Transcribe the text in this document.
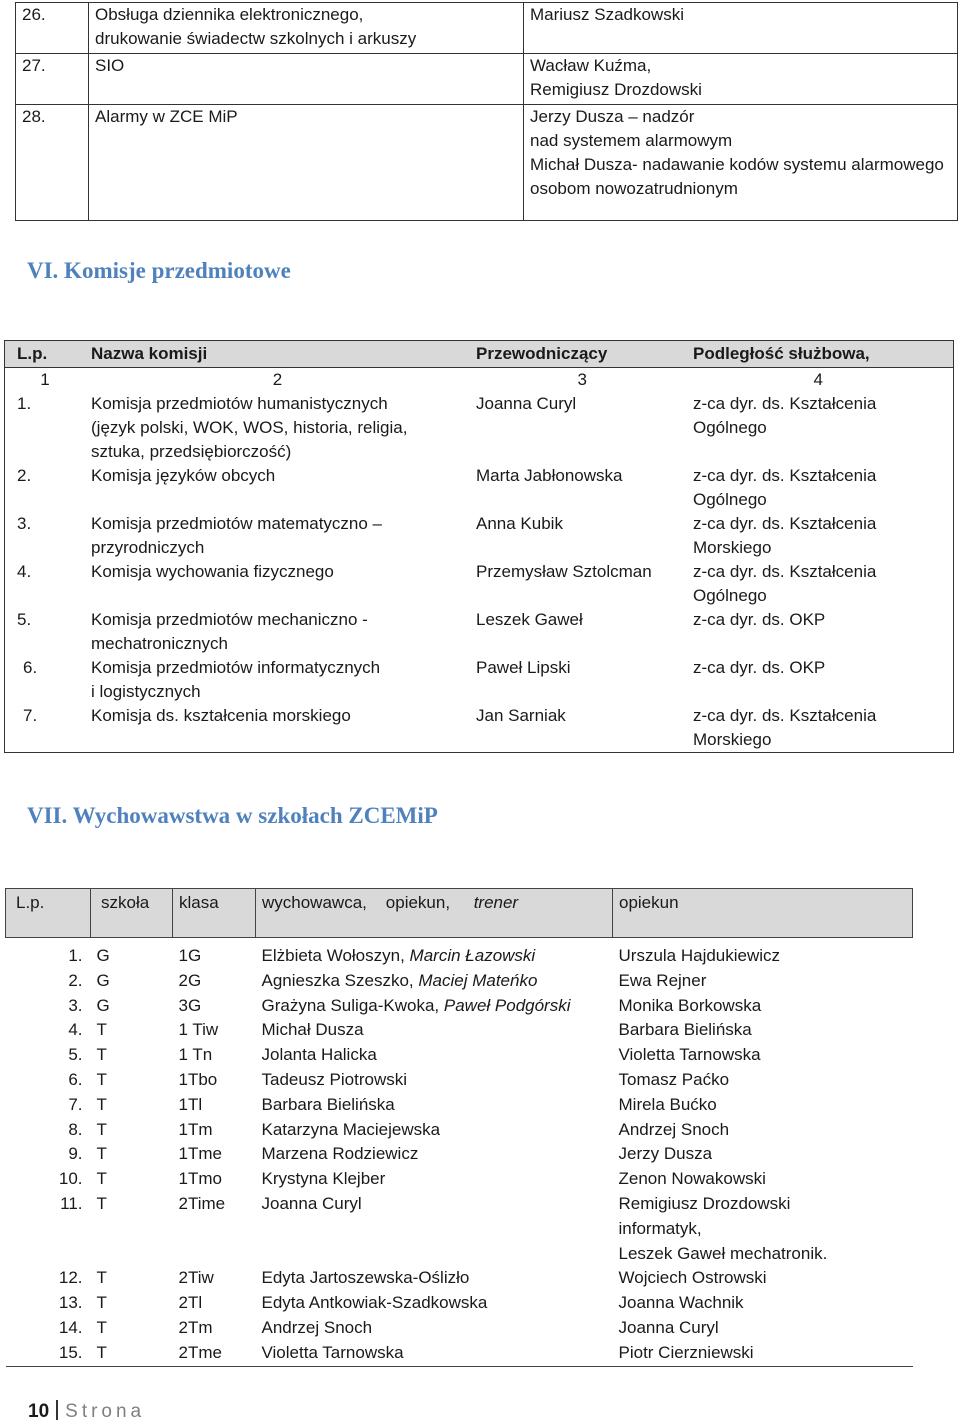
26.	Obsługa dziennika elektronicznego,
drukowanie świadectw szkolnych i arkuszy	Mariusz Szadkowski
27.	SIO	Wacław Kuźma,
Remigiusz Drozdowski
28.	Alarmy w ZCE MiP	Jerzy Dusza – nadzór
nad systemem alarmowym
Michał Dusza- nadawanie kodów systemu alarmowego
osobom nowozatrudnionym
VI. Komisje przedmiotowe
L.p.	Nazwa komisji	Przewodniczący	Podległość służbowa,
1	2	3	4
1.	Komisja przedmiotów humanistycznych
(język polski, WOK, WOS, historia, religia,
sztuka, przedsiębiorczość)	Joanna Curyl	z-ca dyr. ds. Kształcenia
Ogólnego
2.	Komisja języków obcych	Marta Jabłonowska	z-ca dyr. ds. Kształcenia
Ogólnego
3.	Komisja przedmiotów matematyczno –
przyrodniczych	Anna Kubik	z-ca dyr. ds. Kształcenia
Morskiego
4.	Komisja wychowania fizycznego	Przemysław Sztolcman	z-ca dyr. ds. Kształcenia
Ogólnego
5.	Komisja przedmiotów mechaniczno -
mechatronicznych	Leszek Gaweł	z-ca dyr. ds. OKP
6.	Komisja przedmiotów informatycznych
i logistycznych	Paweł Lipski	z-ca dyr. ds. OKP
7.	Komisja ds. kształcenia morskiego	Jan Sarniak	z-ca dyr. ds. Kształcenia
Morskiego
VII. Wychowawstwa w szkołach ZCEMiP
L.p.	szkoła	klasa	wychowawca, opiekun, trener	opiekun

1.	G	1G	Elżbieta Wołoszyn, Marcin Łazowski	Urszula Hajdukiewicz
2.	G	2G	Agnieszka Szeszko, Maciej Mateńko	Ewa Rejner
3.	G	3G	Grażyna Suliga-Kwoka, Paweł Podgórski	Monika Borkowska
4.	T	1 Tiw	Michał Dusza	Barbara Bielińska
5.	T	1 Tn	Jolanta Halicka	Violetta Tarnowska
6.	T	1Tbo	Tadeusz Piotrowski	Tomasz Paćko
7.	T	1Tl	Barbara Bielińska	Mirela Bućko
8.	T	1Tm	Katarzyna Maciejewska	Andrzej Snoch
9.	T	1Tme	Marzena Rodziewicz	Jerzy Dusza
10.	T	1Tmo	Krystyna Klejber	Zenon Nowakowski
11.	T	2Time	Joanna Curyl	Remigiusz Drozdowski
informatyk,
Leszek Gaweł mechatronik.
12.	T	2Tiw	Edyta Jartoszewska-Oślizło	Wojciech Ostrowski
13.	T	2Tl	Edyta Antkowiak-Szadkowska	Joanna Wachnik
14.	T	2Tm	Andrzej Snoch	Joanna Curyl
15.	T	2Tme	Violetta Tarnowska	Piotr Cierzniewski
10 Strona
